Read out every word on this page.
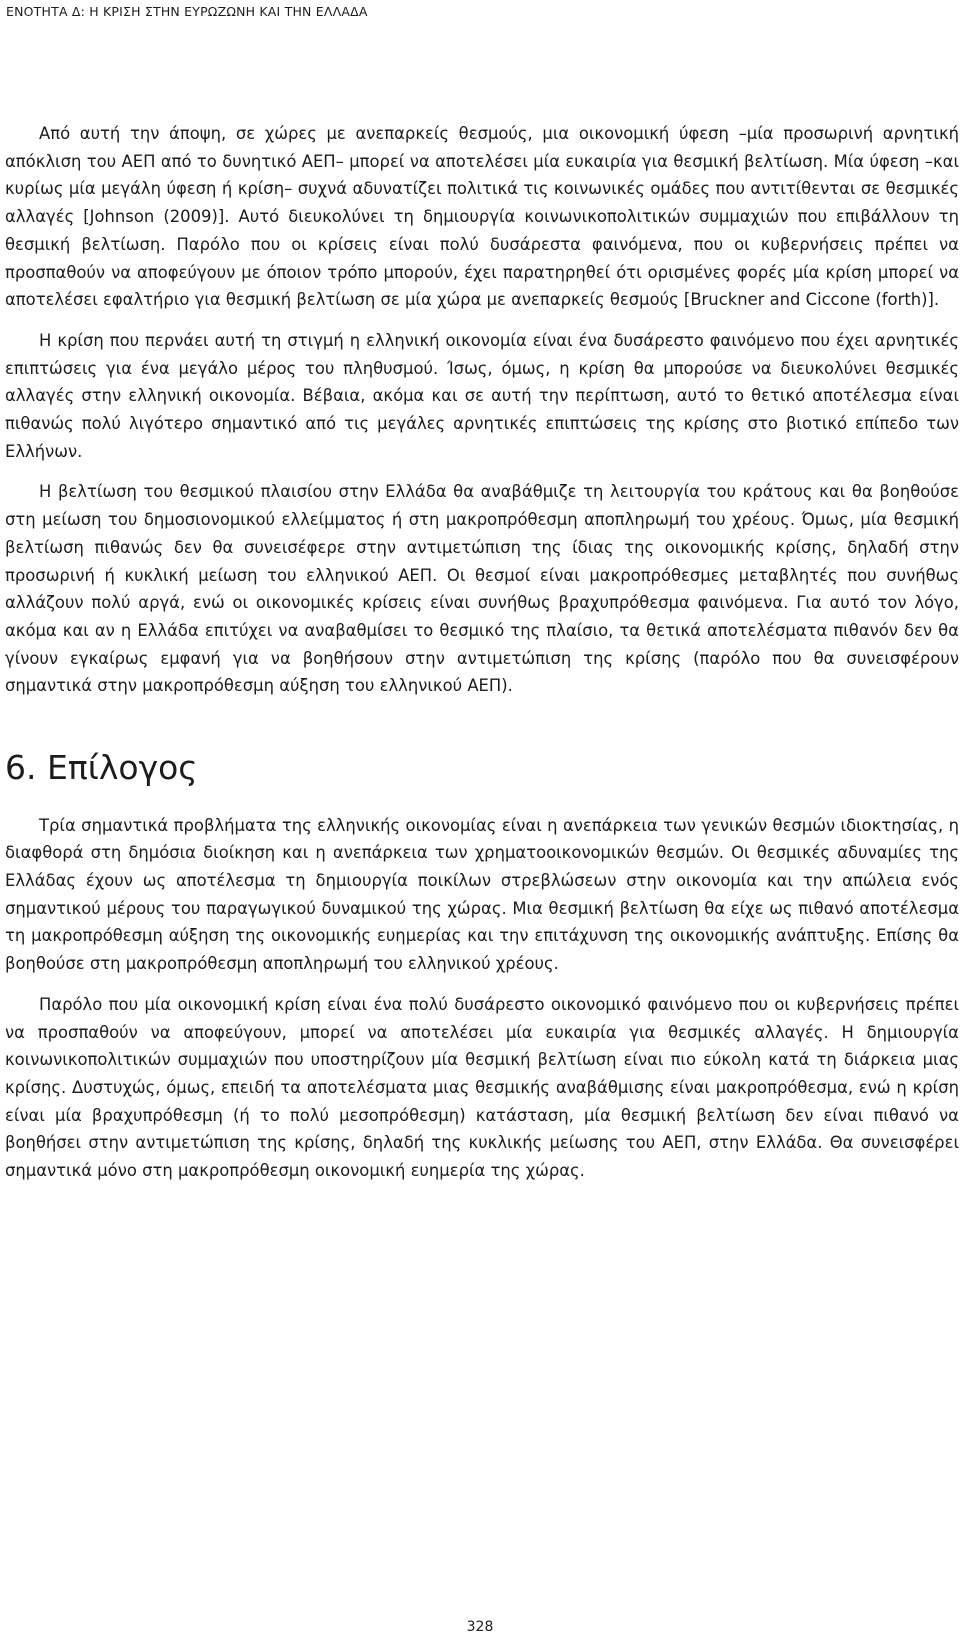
ΕΝΟΤΗΤΑ Δ: Η ΚΡΙΣΗ ΣΤΗΝ ΕΥΡΩΖΩΝΗ ΚΑΙ ΤΗΝ ΕΛΛΑΔΑ

Από αυτή την άποψη, σε χώρες με ανεπαρκείς θεσμούς, μια οικονομική ύφεση –μία προσωρινή αρνητική απόκλιση του ΑΕΠ από το δυνητικό ΑΕΠ– μπορεί να αποτελέσει μία ευκαιρία για θεσμική βελτίωση. Μία ύφεση –και κυρίως μία μεγάλη ύφεση ή κρίση– συχνά αδυνατίζει πολιτικά τις κοινωνικές ομάδες που αντιτίθενται σε θεσμικές αλλαγές [Johnson (2009)]. Αυτό διευκολύνει τη δημιουργία κοινωνικοπολιτικών συμμαχιών που επιβάλλουν τη θεσμική βελτίωση. Παρόλο που οι κρίσεις είναι πολύ δυσάρεστα φαινόμενα, που οι κυβερνήσεις πρέπει να προσπαθούν να αποφεύγουν με όποιον τρόπο μπορούν, έχει παρατηρηθεί ότι ορισμένες φορές μία κρίση μπορεί να αποτελέσει εφαλτήριο για θεσμική βελτίωση σε μία χώρα με ανεπαρκείς θεσμούς [Bruckner and Ciccone (forth)].

Η κρίση που περνάει αυτή τη στιγμή η ελληνική οικονομία είναι ένα δυσάρεστο φαινόμενο που έχει αρνητικές επιπτώσεις για ένα μεγάλο μέρος του πληθυσμού. Ίσως, όμως, η κρίση θα μπορούσε να διευκολύνει θεσμικές αλλαγές στην ελληνική οικονομία. Βέβαια, ακόμα και σε αυτή την περίπτωση, αυτό το θετικό αποτέλεσμα είναι πιθανώς πολύ λιγότερο σημαντικό από τις μεγάλες αρνητικές επιπτώσεις της κρίσης στο βιοτικό επίπεδο των Ελλήνων.

Η βελτίωση του θεσμικού πλαισίου στην Ελλάδα θα αναβάθμιζε τη λειτουργία του κράτους και θα βοηθούσε στη μείωση του δημοσιονομικού ελλείμματος ή στη μακροπρόθεσμη αποπληρωμή του χρέους. Όμως, μία θεσμική βελτίωση πιθανώς δεν θα συνεισέφερε στην αντιμετώπιση της ίδιας της οικονομικής κρίσης, δηλαδή στην προσωρινή ή κυκλική μείωση του ελληνικού ΑΕΠ. Οι θεσμοί είναι μακροπρόθεσμες μεταβλητές που συνήθως αλλάζουν πολύ αργά, ενώ οι οικονομικές κρίσεις είναι συνήθως βραχυπρόθεσμα φαινόμενα. Για αυτό τον λόγο, ακόμα και αν η Ελλάδα επιτύχει να αναβαθμίσει το θεσμικό της πλαίσιο, τα θετικά αποτελέσματα πιθανόν δεν θα γίνουν εγκαίρως εμφανή για να βοηθήσουν στην αντιμετώπιση της κρίσης (παρόλο που θα συνεισφέρουν σημαντικά στην μακροπρόθεσμη αύξηση του ελληνικού ΑΕΠ).

6. Επίλογος

Τρία σημαντικά προβλήματα της ελληνικής οικονομίας είναι η ανεπάρκεια των γενικών θεσμών ιδιοκτησίας, η διαφθορά στη δημόσια διοίκηση και η ανεπάρκεια των χρηματοοικονομικών θεσμών. Οι θεσμικές αδυναμίες της Ελλάδας έχουν ως αποτέλεσμα τη δημιουργία ποικίλων στρεβλώσεων στην οικονομία και την απώλεια ενός σημαντικού μέρους του παραγωγικού δυναμικού της χώρας. Μια θεσμική βελτίωση θα είχε ως πιθανό αποτέλεσμα τη μακροπρόθεσμη αύξηση της οικονομικής ευημερίας και την επιτάχυνση της οικονομικής ανάπτυξης. Επίσης θα βοηθούσε στη μακροπρόθεσμη αποπληρωμή του ελληνικού χρέους.

Παρόλο που μία οικονομική κρίση είναι ένα πολύ δυσάρεστο οικονομικό φαινόμενο που οι κυβερνήσεις πρέπει να προσπαθούν να αποφεύγουν, μπορεί να αποτελέσει μία ευκαιρία για θεσμικές αλλαγές. Η δημιουργία κοινωνικοπολιτικών συμμαχιών που υποστηρίζουν μία θεσμική βελτίωση είναι πιο εύκολη κατά τη διάρκεια μιας κρίσης. Δυστυχώς, όμως, επειδή τα αποτελέσματα μιας θεσμικής αναβάθμισης είναι μακροπρόθεσμα, ενώ η κρίση είναι μία βραχυπρόθεσμη (ή το πολύ μεσοπρόθεσμη) κατάσταση, μία θεσμική βελτίωση δεν είναι πιθανό να βοηθήσει στην αντιμετώπιση της κρίσης, δηλαδή της κυκλικής μείωσης του ΑΕΠ, στην Ελλάδα. Θα συνεισφέρει σημαντικά μόνο στη μακροπρόθεσμη οικονομική ευημερία της χώρας.

328
